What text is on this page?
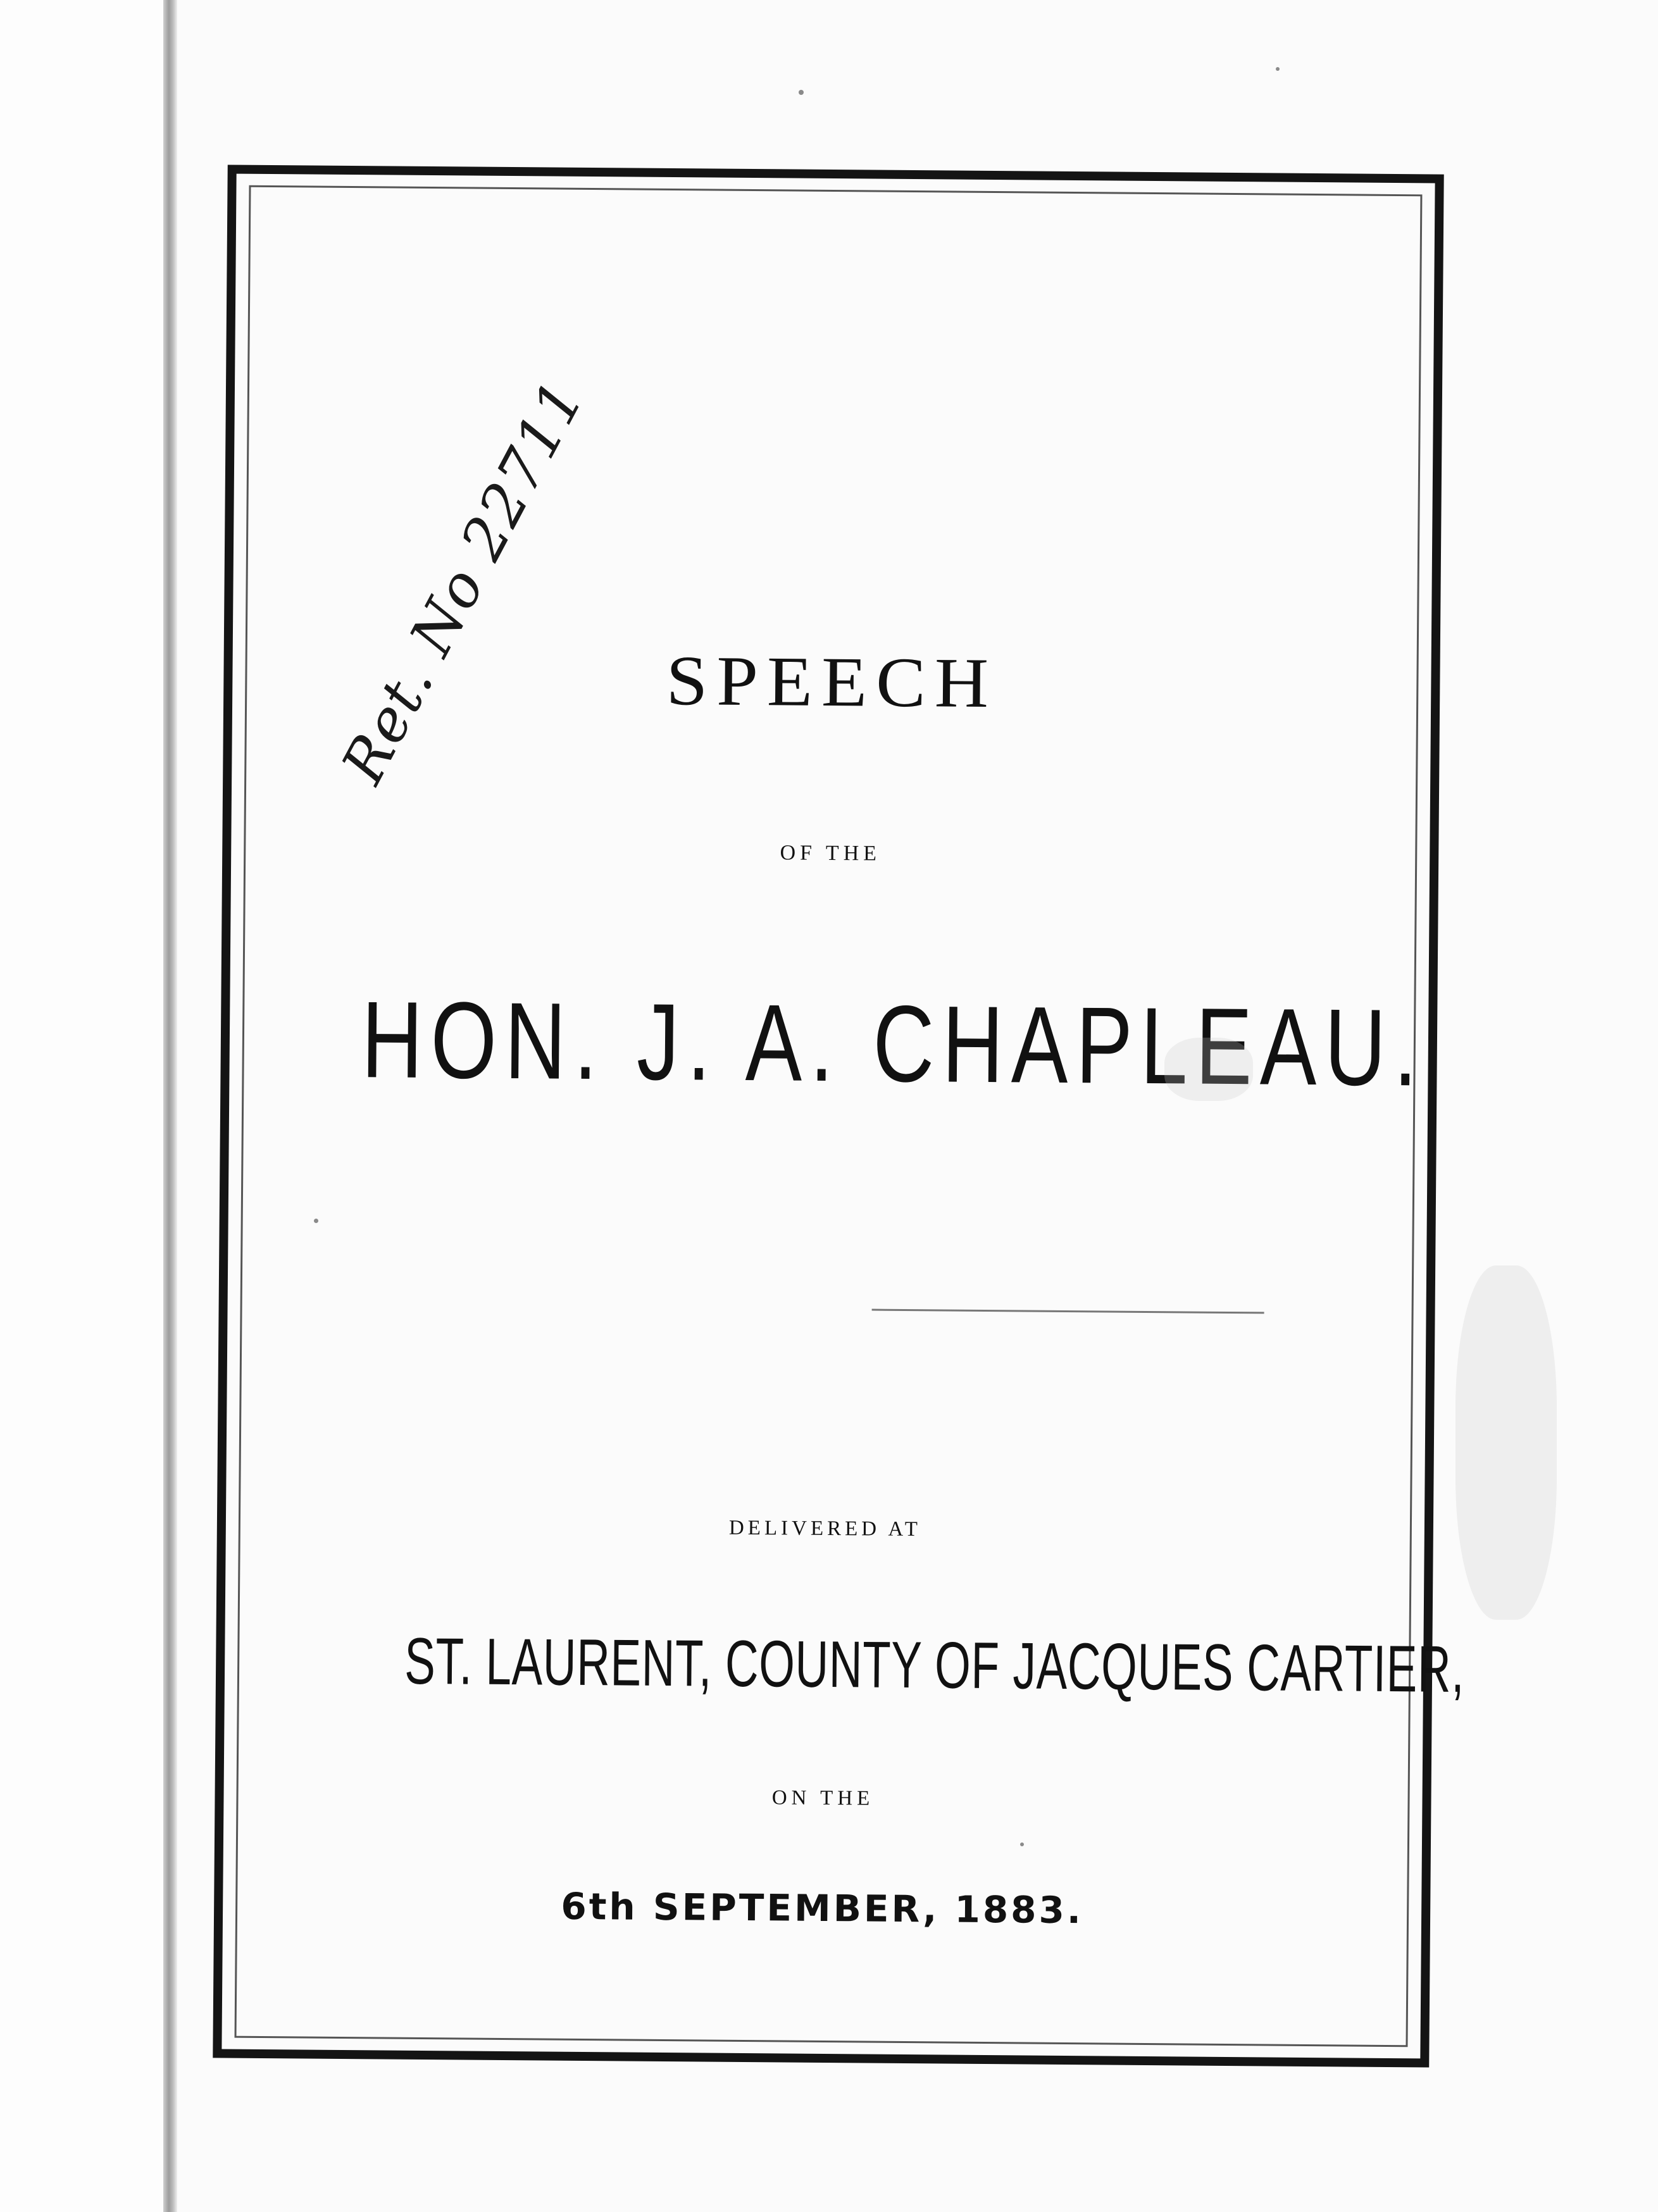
SPEECH
OF THE
HON. J. A. CHAPLEAU.
DELIVERED AT
ST. LAURENT, COUNTY OF JACQUES CARTIER,
ON THE
6th SEPTEMBER, 1883.
Ret. No 22711
